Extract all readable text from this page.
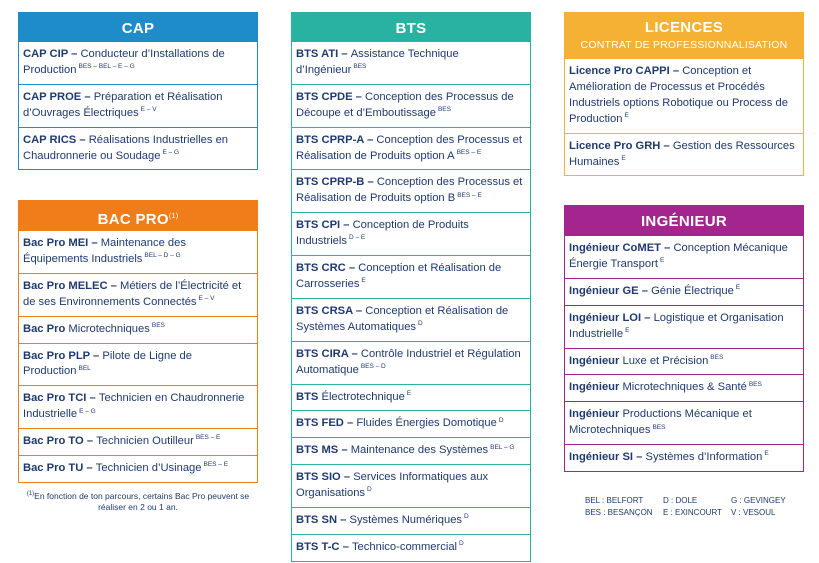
CAP
CAP CIP – Conducteur d’Installations de Production $^{BES - BEL - E - G}$
CAP PROE – Préparation et Réalisation d’Ouvrages Électriques $^{E - V}$
CAP RICS – Réalisations Industrielles en Chaudronnerie ou Soudage $^{E - G}$
BAC PRO$^{(1)}$
Bac Pro MEI – Maintenance des Équipements Industriels $^{BEL - D - G}$
Bac Pro MELEC – Métiers de l’Électricité et de ses Environnements Connectés $^{E - V}$
Bac Pro Microtechniques $^{BES}$
Bac Pro PLP – Pilote de Ligne de Production $^{BEL}$
Bac Pro TCI – Technicien en Chaudronnerie Industrielle $^{E - G}$
Bac Pro TO – Technicien Outilleur $^{BES - E}$
Bac Pro TU – Technicien d’Usinage $^{BES - E}$
$^{(1)}$En fonction de ton parcours, certains Bac Pro peuvent se réaliser en 2 ou 1 an.
BTS
BTS ATI – Assistance Technique d’Ingénieur $^{BES}$
BTS CPDE – Conception des Processus de Découpe et d’Emboutissage $^{BES}$
BTS CPRP-A – Conception des Processus et Réalisation de Produits option A $^{BES - E}$
BTS CPRP-B – Conception des Processus et Réalisation de Produits option B $^{BES - E}$
BTS CPI – Conception de Produits Industriels $^{D - E}$
BTS CRC – Conception et Réalisation de Carrosseries $^E$
BTS CRSA – Conception et Réalisation de Systèmes Automatiques $^D$
BTS CIRA – Contrôle Industriel et Régulation Automatique $^{BES - D}$
BTS Électrotechnique $^E$
BTS FED – Fluides Énergies Domotique $^D$
BTS MS – Maintenance des Systèmes $^{BEL - G}$
BTS SIO – Services Informatiques aux Organisations $^D$
BTS SN – Systèmes Numériques $^D$
BTS T-C – Technico-commercial $^D$
LICENCES
CONTRAT DE PROFESSIONNALISATION
Licence Pro CAPPI – Conception et Amélioration de Processus et Procédés Industriels options Robotique ou Process de Production $^E$
Licence Pro GRH – Gestion des Ressources Humaines $^E$
INGÉNIEUR
Ingénieur CoMET – Conception Mécanique Énergie Transport $^E$
Ingénieur GE – Génie Électrique $^E$
Ingénieur LOI – Logistique et Organisation Industrielle $^E$
Ingénieur Luxe et Précision $^{BES}$
Ingénieur Microtechniques & Santé $^{BES}$
Ingénieur Productions Mécanique et Microtechniques $^{BES}$
Ingénieur SI – Systèmes d’Information $^E$
BEL : BELFORT
BES : BESANÇON
D : DOLE
E : EXINCOURT
G : GEVINGEY
V : VESOUL
